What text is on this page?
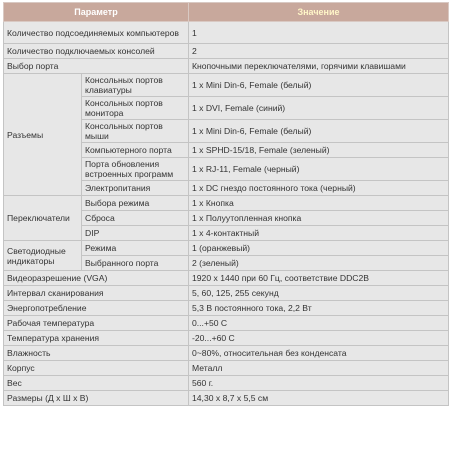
Параметр		Значение
Количество подсоединяемых компьютеров		1
Количество подключаемых консолей		2
Выбор порта		Кнопочными переключателями, горячими клавишами
Разъемы	Консольных портов клавиатуры	1 x Mini Din-6, Female (белый)
	Консольных портов монитора	1 x DVI, Female (синий)
	Консольных портов мыши	1 x Mini Din-6, Female (белый)
	Компьютерного порта	1 x SPHD-15/18, Female (зеленый)
	Порта обновления встроенных программ	1 x RJ-11, Female (черный)
	Электропитания	1 x DC гнездо постоянного тока (черный)
Переключатели	Выбора режима	1 x Кнопка
	Сброса	1 x Полуутопленная кнопка
	DIP	1 x 4-контактный
Светодиодные индикаторы	Режима	1 (оранжевый)
	Выбранного порта	2 (зеленый)
Видеоразрешение (VGA)		1920 x 1440 при 60 Гц, соответствие DDC2B
Интервал сканирования		5, 60, 125, 255 секунд
Энергопотребление		5,3 В постоянного тока, 2,2 Вт
Рабочая температура		0...+50 С
Температура хранения		-20...+60 С
Влажность		0~80%, относительная без конденсата
Корпус		Металл
Вес		560 г.
Размеры (Д х Ш х В)		14,30 х 8,7 х 5,5 см
